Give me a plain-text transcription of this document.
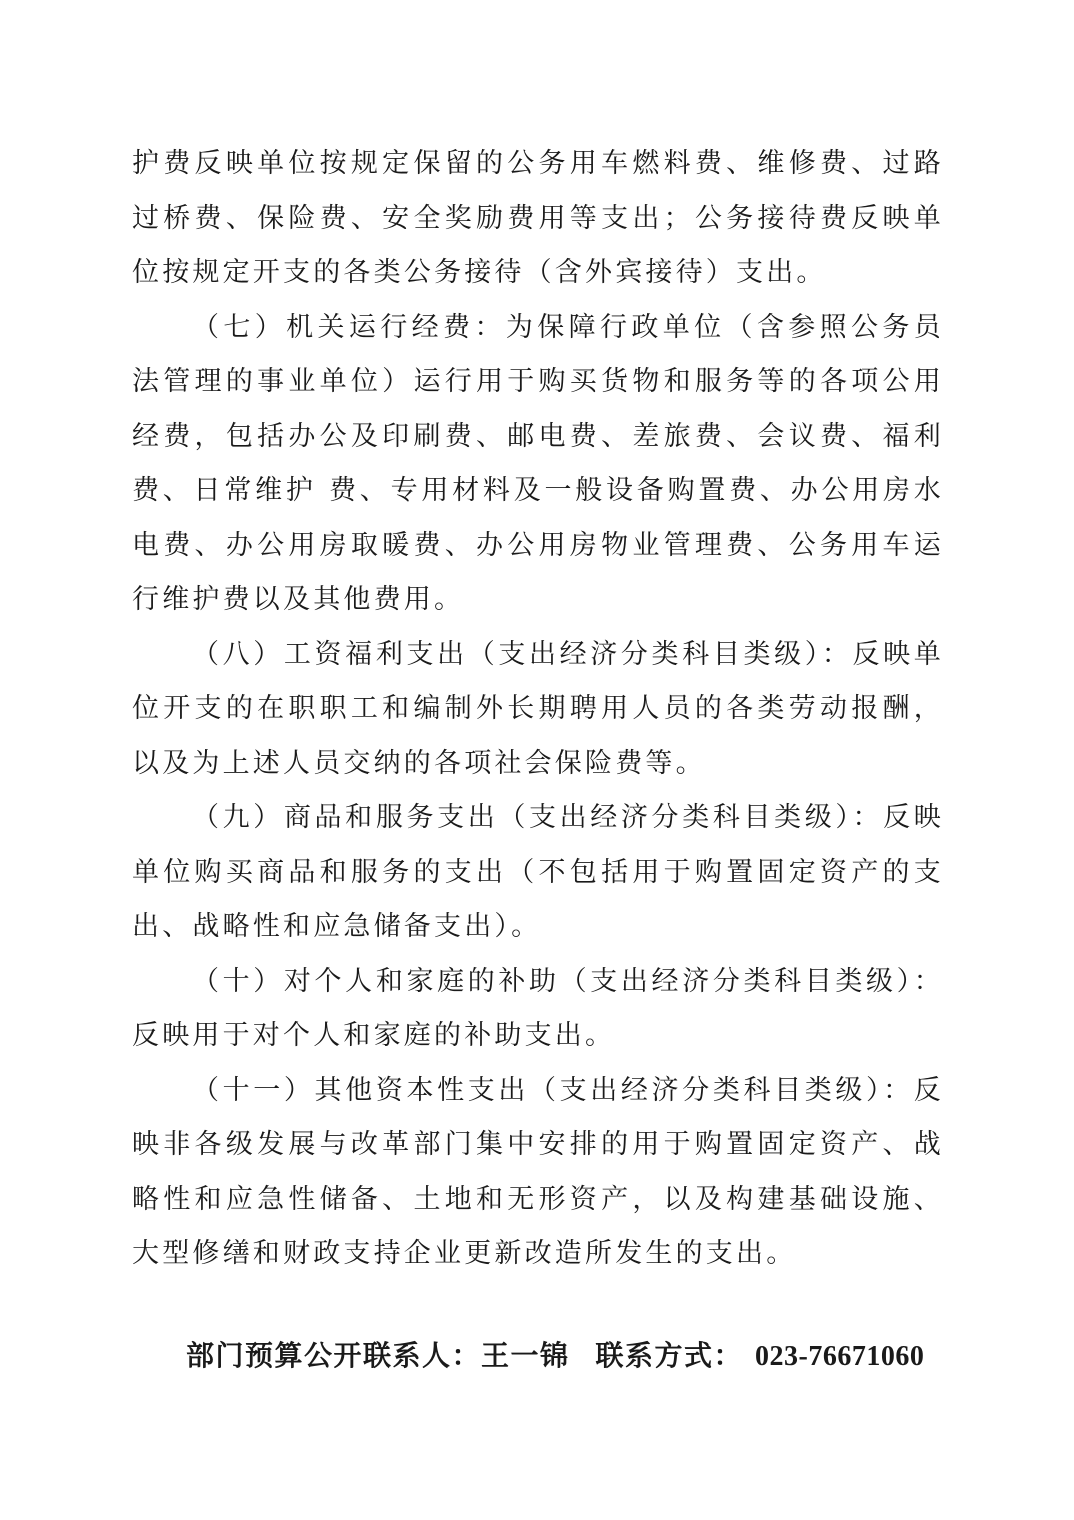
护费反映单位按规定保留的公务用车燃料费、维修费、过路过桥费、保险费、安全奖励费用等支出；公务接待费反映单位按规定开支的各类公务接待（含外宾接待）支出。

（七）机关运行经费：为保障行政单位（含参照公务员法管理的事业单位）运行用于购买货物和服务等的各项公用经费，包括办公及印刷费、邮电费、差旅费、会议费、福利费、日常维护 费、专用材料及一般设备购置费、办公用房水电费、办公用房取暖费、办公用房物业管理费、公务用车运行维护费以及其他费用。

（八）工资福利支出（支出经济分类科目类级）：反映单位开支的在职职工和编制外长期聘用人员的各类劳动报酬，以及为上述人员交纳的各项社会保险费等。

（九）商品和服务支出（支出经济分类科目类级）：反映单位购买商品和服务的支出（不包括用于购置固定资产的支出、战略性和应急储备支出）。

（十）对个人和家庭的补助（支出经济分类科目类级）：反映用于对个人和家庭的补助支出。

（十一）其他资本性支出（支出经济分类科目类级）：反映非各级发展与改革部门集中安排的用于购置固定资产、战略性和应急性储备、土地和无形资产，以及构建基础设施、大型修缮和财政支持企业更新改造所发生的支出。

部门预算公开联系人：王一锦 联系方式： 023-76671060
